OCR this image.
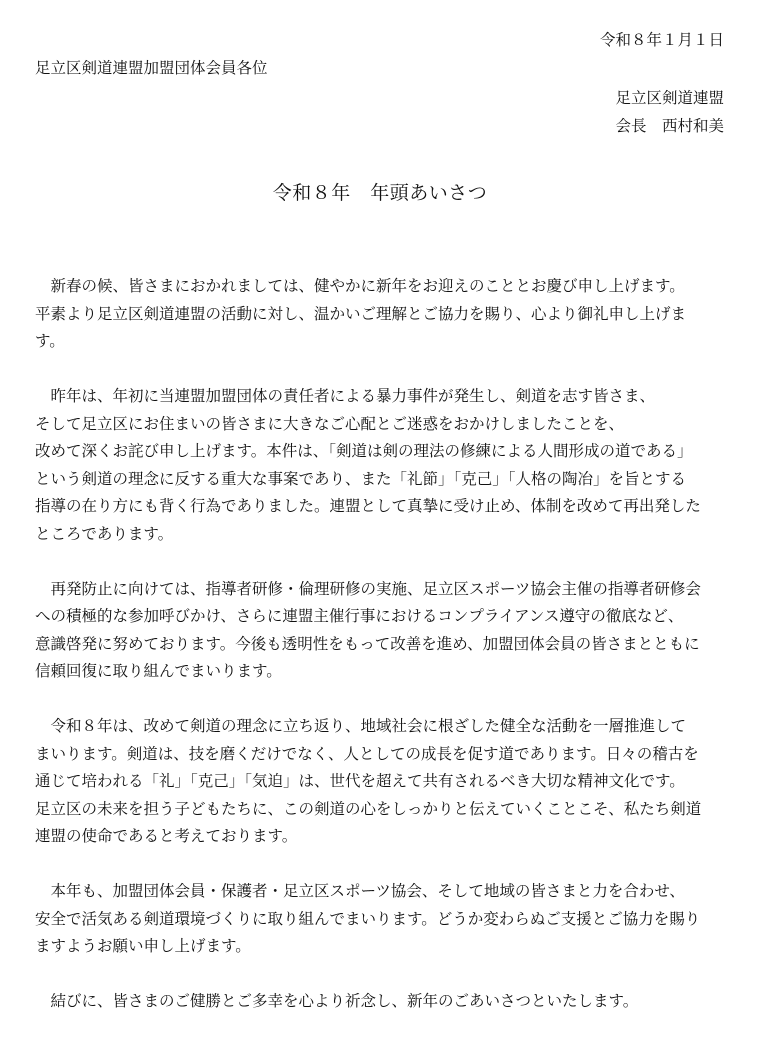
令和８年１月１日
足立区剣道連盟加盟団体会員各位
足立区剣道連盟
会長　西村和美
令和８年　年頭あいさつ
　新春の候、皆さまにおかれましては、健やかに新年をお迎えのこととお慶び申し上げます。
平素より足立区剣道連盟の活動に対し、温かいご理解とご協力を賜り、心より御礼申し上げま
す。
　昨年は、年初に当連盟加盟団体の責任者による暴力事件が発生し、剣道を志す皆さま、
そして足立区にお住まいの皆さまに大きなご心配とご迷惑をおかけしましたことを、
改めて深くお詫び申し上げます。本件は、「剣道は剣の理法の修練による人間形成の道である」
という剣道の理念に反する重大な事案であり、また「礼節」「克己」「人格の陶冶」を旨とする
指導の在り方にも背く行為でありました。連盟として真摯に受け止め、体制を改めて再出発した
ところであります。
　再発防止に向けては、指導者研修・倫理研修の実施、足立区スポーツ協会主催の指導者研修会
への積極的な参加呼びかけ、さらに連盟主催行事におけるコンプライアンス遵守の徹底など、
意識啓発に努めております。今後も透明性をもって改善を進め、加盟団体会員の皆さまとともに
信頼回復に取り組んでまいります。
　令和８年は、改めて剣道の理念に立ち返り、地域社会に根ざした健全な活動を一層推進して
まいります。剣道は、技を磨くだけでなく、人としての成長を促す道であります。日々の稽古を
通じて培われる「礼」「克己」「気迫」は、世代を超えて共有されるべき大切な精神文化です。
足立区の未来を担う子どもたちに、この剣道の心をしっかりと伝えていくことこそ、私たち剣道
連盟の使命であると考えております。
　本年も、加盟団体会員・保護者・足立区スポーツ協会、そして地域の皆さまと力を合わせ、
安全で活気ある剣道環境づくりに取り組んでまいります。どうか変わらぬご支援とご協力を賜り
ますようお願い申し上げます。
　結びに、皆さまのご健勝とご多幸を心より祈念し、新年のごあいさつといたします。
